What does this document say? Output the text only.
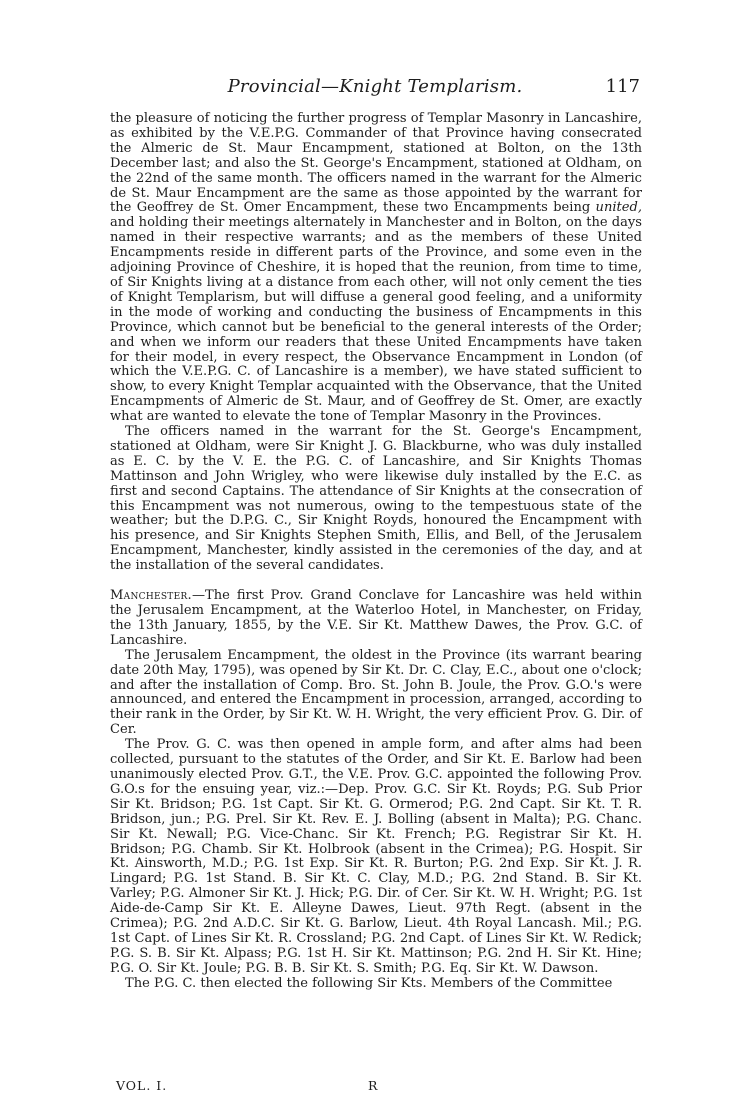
Provincial—Knight Templarism.	117

the pleasure of noticing the further progress of Templar Masonry in Lancashire, as exhibited by the V.E.P.G. Commander of that Province having consecrated the Almeric de St. Maur Encampment, stationed at Bolton, on the 13th December last; and also the St. George's Encampment, stationed at Oldham, on the 22nd of the same month. The officers named in the warrant for the Almeric de St. Maur Encampment are the same as those appointed by the warrant for the Geoffrey de St. Omer Encampment, these two Encampments being united, and holding their meetings alternately in Manchester and in Bolton, on the days named in their respective warrants; and as the members of these United Encampments reside in different parts of the Province, and some even in the adjoining Province of Cheshire, it is hoped that the reunion, from time to time, of Sir Knights living at a distance from each other, will not only cement the ties of Knight Templarism, but will diffuse a general good feeling, and a uniformity in the mode of working and conducting the business of Encampments in this Province, which cannot but be beneficial to the general interests of the Order; and when we inform our readers that these United Encampments have taken for their model, in every respect, the Observance Encampment in London (of which the V.E.P.G. C. of Lancashire is a member), we have stated sufficient to show, to every Knight Templar acquainted with the Observance, that the United Encampments of Almeric de St. Maur, and of Geoffrey de St. Omer, are exactly what are wanted to elevate the tone of Templar Masonry in the Provinces.

The officers named in the warrant for the St. George's Encampment, stationed at Oldham, were Sir Knight J. G. Blackburne, who was duly installed as E. C. by the V. E. the P.G. C. of Lancashire, and Sir Knights Thomas Mattinson and John Wrigley, who were likewise duly installed by the E.C. as first and second Captains. The attendance of Sir Knights at the consecration of this Encampment was not numerous, owing to the tempestuous state of the weather; but the D.P.G. C., Sir Knight Royds, honoured the Encampment with his presence, and Sir Knights Stephen Smith, Ellis, and Bell, of the Jerusalem Encampment, Manchester, kindly assisted in the ceremonies of the day, and at the installation of the several candidates.

Manchester.—The first Prov. Grand Conclave for Lancashire was held within the Jerusalem Encampment, at the Waterloo Hotel, in Manchester, on Friday, the 13th January, 1855, by the V.E. Sir Kt. Matthew Dawes, the Prov. G.C. of Lancashire.

The Jerusalem Encampment, the oldest in the Province (its warrant bearing date 20th May, 1795), was opened by Sir Kt. Dr. C. Clay, E.C., about one o'clock; and after the installation of Comp. Bro. St. John B. Joule, the Prov. G.O.'s were announced, and entered the Encampment in procession, arranged, according to their rank in the Order, by Sir Kt. W. H. Wright, the very efficient Prov. G. Dir. of Cer.

The Prov. G. C. was then opened in ample form, and after alms had been collected, pursuant to the statutes of the Order, and Sir Kt. E. Barlow had been unanimously elected Prov. G.T., the V.E. Prov. G.C. appointed the following Prov. G.O.s for the ensuing year, viz.:—Dep. Prov. G.C. Sir Kt. Royds; P.G. Sub Prior Sir Kt. Bridson; P.G. 1st Capt. Sir Kt. G. Ormerod; P.G. 2nd Capt. Sir Kt. T. R. Bridson, jun.; P.G. Prel. Sir Kt. Rev. E. J. Bolling (absent in Malta); P.G. Chanc. Sir Kt. Newall; P.G. Vice-Chanc. Sir Kt. French; P.G. Registrar Sir Kt. H. Bridson; P.G. Chamb. Sir Kt. Holbrook (absent in the Crimea); P.G. Hospit. Sir Kt. Ainsworth, M.D.; P.G. 1st Exp. Sir Kt. R. Burton; P.G. 2nd Exp. Sir Kt. J. R. Lingard; P.G. 1st Stand. B. Sir Kt. C. Clay, M.D.; P.G. 2nd Stand. B. Sir Kt. Varley; P.G. Almoner Sir Kt. J. Hick; P.G. Dir. of Cer. Sir Kt. W. H. Wright; P.G. 1st Aide-de-Camp Sir Kt. E. Alleyne Dawes, Lieut. 97th Regt. (absent in the Crimea); P.G. 2nd A.D.C. Sir Kt. G. Barlow, Lieut. 4th Royal Lancash. Mil.; P.G. 1st Capt. of Lines Sir Kt. R. Crossland; P.G. 2nd Capt. of Lines Sir Kt. W. Redick; P.G. S. B. Sir Kt. Alpass; P.G. 1st H. Sir Kt. Mattinson; P.G. 2nd H. Sir Kt. Hine; P.G. O. Sir Kt. Joule; P.G. B. B. Sir Kt. S. Smith; P.G. Eq. Sir Kt. W. Dawson.

The P.G. C. then elected the following Sir Kts. Members of the Committee

VOL. I.	R
